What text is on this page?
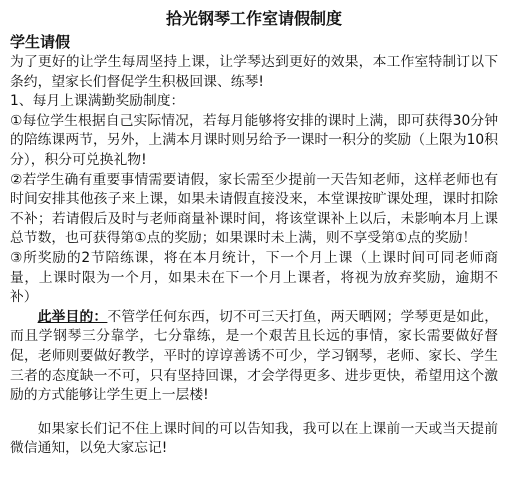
拾光钢琴工作室请假制度
学生请假

为了更好的让学生每周坚持上课，让学琴达到更好的效果，本工作室特制订以下条约，望家长们督促学生积极回课、练琴!

1、每月上课满勤奖励制度：

①每位学生根据自己实际情况，若每月能够将安排的课时上满，即可获得30分钟的陪练课两节，另外，上满本月课时则另给予一课时一积分的奖励（上限为10积分），积分可兑换礼物!

②若学生确有重要事情需要请假，家长需至少提前一天告知老师，这样老师也有时间安排其他孩子来上课，如果未请假直接没来，本堂课按旷课处理，课时扣除不补；若请假后及时与老师商量补课时间，将该堂课补上以后，未影响本月上课总节数，也可获得第①点的奖励；如果课时未上满，则不享受第①点的奖励！

③所奖励的2节陪练课，将在本月统计，下一个月上课（上课时间可同老师商量，上课时限为一个月，如果未在下一个月上课者，将视为放弃奖励，逾期不补）

此举目的：不管学任何东西，切不可三天打鱼，两天晒网；学琴更是如此，而且学钢琴三分靠学，七分靠练，是一个艰苦且长远的事情，家长需要做好督促，老师则要做好教学，平时的谆谆善诱不可少，学习钢琴，老师、家长、学生三者的态度缺一不可，只有坚持回课，才会学得更多、进步更快，希望用这个激励的方式能够让学生更上一层楼!

如果家长们记不住上课时间的可以告知我，我可以在上课前一天或当天提前微信通知，以免大家忘记!
